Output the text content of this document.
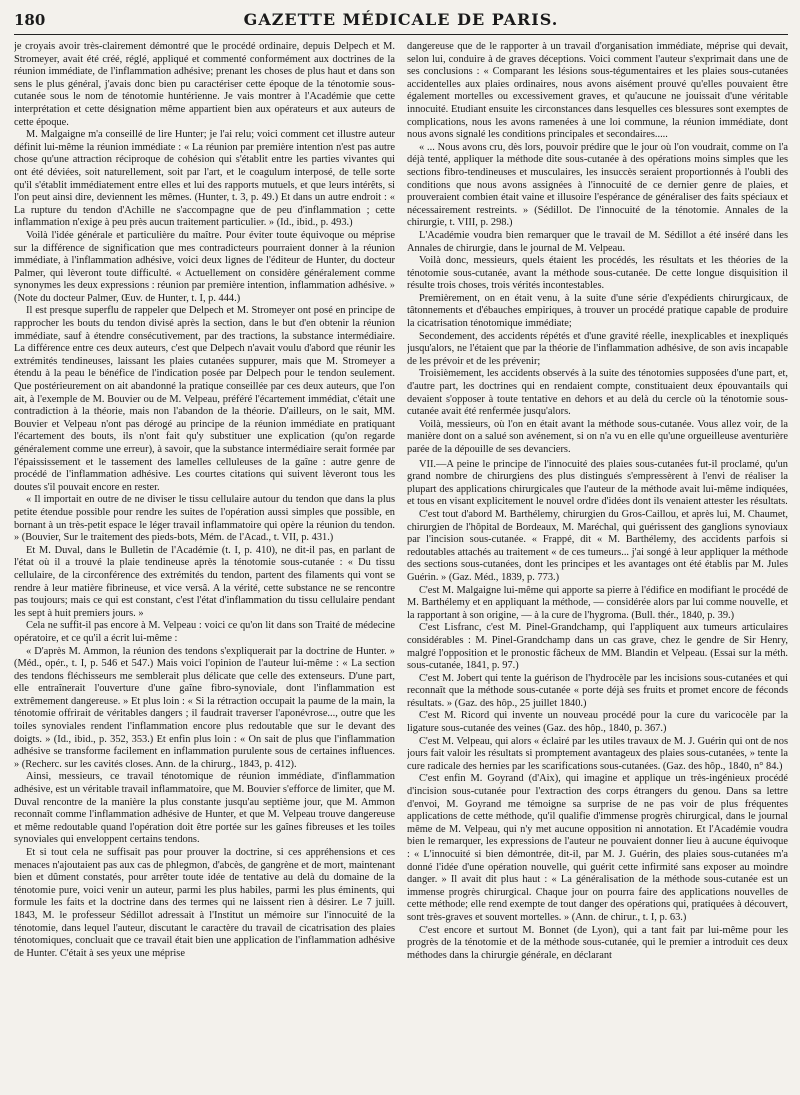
180	GAZETTE MÉDICALE DE PARIS.

je croyais avoir très-clairement démontré que le procédé ordinaire, depuis Delpech et M. Stromeyer, avait été créé, réglé, appliqué et commenté conformément aux doctrines de la réunion immédiate, de l'inflammation adhésive; prenant les choses de plus haut et dans son sens le plus général, j'avais donc bien pu caractériser cette époque de la ténotomie sous-cutanée sous le nom de ténotomie huntérienne. Je vais montrer à l'Académie que cette interprétation et cette désignation même appartient bien aux opérateurs et aux auteurs de cette époque.

M. Malgaigne m'a conseillé de lire Hunter; je l'ai relu; voici comment cet illustre auteur définit lui-même la réunion immédiate : « La réunion par première intention n'est pas autre chose qu'une attraction réciproque de cohésion qui s'établit entre les parties vivantes qui ont été déviées, soit naturellement, soit par l'art, et le coagulum interposé, de telle sorte qu'il s'établit immédiatement entre elles et lui des rapports mutuels, et que leurs intérêts, si l'on peut ainsi dire, deviennent les mêmes. (Hunter, t. 3, p. 49.) Et dans un autre endroit : « La rupture du tendon d'Achille ne s'accompagne que de peu d'inflammation ; cette inflammation n'exige à peu près aucun traitement particulier. » (Id., ibid., p. 493.)

Voilà l'idée générale et particulière du maître. Pour éviter toute équivoque ou méprise sur la différence de signification que mes contradicteurs pourraient donner à la réunion immédiate, à l'inflammation adhésive, voici deux lignes de l'éditeur de Hunter, du docteur Palmer, qui lèveront toute difficulté. « Actuellement on considère généralement comme synonymes les deux expressions : réunion par première intention, inflammation adhésive. » (Note du docteur Palmer, Œuv. de Hunter, t. I, p. 444.)

Il est presque superflu de rappeler que Delpech et M. Stromeyer ont posé en principe de rapprocher les bouts du tendon divisé après la section, dans le but d'en obtenir la réunion immédiate, sauf à étendre consécutivement, par des tractions, la substance intermédiaire. La différence entre ces deux auteurs, c'est que Delpech n'avait voulu d'abord que réunir les extrémités tendineuses, laissant les plaies cutanées suppurer, mais que M. Stromeyer a étendu à la peau le bénéfice de l'indication posée par Delpech pour le tendon seulement. Que postérieurement on ait abandonné la pratique conseillée par ces deux auteurs, que l'on ait, à l'exemple de M. Bouvier ou de M. Velpeau, préféré l'écartement immédiat, c'était une contradiction à la théorie, mais non l'abandon de la théorie. D'ailleurs, on le sait, MM. Bouvier et Velpeau n'ont pas dérogé au principe de la réunion immédiate en pratiquant l'écartement des bouts, ils n'ont fait qu'y substituer une explication (qu'on regarde généralement comme une erreur), à savoir, que la substance intermédiaire serait formée par l'épaississement et le tassement des lamelles celluleuses de la gaîne : autre genre de procédé de l'inflammation adhésive. Les courtes citations qui suivent lèveront tous les doutes s'il pouvait encore en rester.

« Il importait en outre de ne diviser le tissu cellulaire autour du tendon que dans la plus petite étendue possible pour rendre les suites de l'opération aussi simples que possible, en bornant à un très-petit espace le léger travail inflammatoire qui opère la réunion du tendon. » (Bouvier, Sur le traitement des pieds-bots, Mém. de l'Acad., t. VII, p. 431.)

Et M. Duval, dans le Bulletin de l'Académie (t. I, p. 410), ne dit-il pas, en parlant de l'état où il a trouvé la plaie tendineuse après la ténotomie sous-cutanée : « Du tissu cellulaire, de la circonférence des extrémités du tendon, partent des filaments qui vont se rendre à leur matière fibrineuse, et vice versâ. A la vérité, cette substance ne se rencontre pas toujours; mais ce qui est constant, c'est l'état d'inflammation du tissu cellulaire pendant les sept à huit premiers jours. »

Cela ne suffit-il pas encore à M. Velpeau : voici ce qu'on lit dans son Traité de médecine opératoire, et ce qu'il a écrit lui-même :

« D'après M. Ammon, la réunion des tendons s'expliquerait par la doctrine de Hunter. » (Méd., opér., t. I, p. 546 et 547.) Mais voici l'opinion de l'auteur lui-même : « La section des tendons fléchisseurs me semblerait plus délicate que celle des extenseurs. D'une part, elle entraînerait l'ouverture d'une gaîne fibro-synoviale, dont l'inflammation est extrêmement dangereuse. » Et plus loin : « Si la rétraction occupait la paume de la main, la ténotomie offrirait de véritables dangers ; il faudrait traverser l'aponévrose..., outre que les toiles synoviales rendent l'inflammation encore plus redoutable que sur le devant des doigts. » (Id., ibid., p. 352, 353.) Et enfin plus loin : « On sait de plus que l'inflammation adhésive se transforme facilement en inflammation purulente sous de certaines influences. » (Recherc. sur les cavités closes. Ann. de la chirurg., 1843, p. 412).

Ainsi, messieurs, ce travail ténotomique de réunion immédiate, d'inflammation adhésive, est un véritable travail inflammatoire, que M. Bouvier s'efforce de limiter, que M. Duval rencontre de la manière la plus constante jusqu'au septième jour, que M. Ammon reconnaît comme l'inflammation adhésive de Hunter, et que M. Velpeau trouve dangereuse et même redoutable quand l'opération doit être portée sur les gaînes fibreuses et les toiles synoviales qui enveloppent certains tendons.

Et si tout cela ne suffisait pas pour prouver la doctrine, si ces appréhensions et ces menaces n'ajoutaient pas aux cas de phlegmon, d'abcès, de gangrène et de mort, maintenant bien et dûment constatés, pour arrêter toute idée de tentative au delà du domaine de la ténotomie pure, voici venir un auteur, parmi les plus habiles, parmi les plus éminents, qui formule les faits et la doctrine dans des termes qui ne laissent rien à désirer. Le 7 juill. 1843, M. le professeur Sédillot adressait à l'Institut un mémoire sur l'innocuité de la ténotomie, dans lequel l'auteur, discutant le caractère du travail de cicatrisation des plaies ténotomiques, concluait que ce travail était bien une application de l'inflammation adhésive de Hunter. C'était à ses yeux une méprise

dangereuse que de le rapporter à un travail d'organisation immédiate, méprise qui devait, selon lui, conduire à de graves déceptions. Voici comment l'auteur s'exprimait dans une de ses conclusions : « Comparant les lésions sous-tégumentaires et les plaies sous-cutanées accidentelles aux plaies ordinaires, nous avons aisément prouvé qu'elles pouvaient être également mortelles ou excessivement graves, et qu'aucune ne jouissait d'une véritable innocuité. Etudiant ensuite les circonstances dans lesquelles ces blessures sont exemptes de complications, nous les avons ramenées à une loi commune, la réunion immédiate, dont nous avons signalé les conditions principales et secondaires.....

« ... Nous avons cru, dès lors, pouvoir prédire que le jour où l'on voudrait, comme on l'a déjà tenté, appliquer la méthode dite sous-cutanée à des opérations moins simples que les sections fibro-tendineuses et musculaires, les insuccès seraient proportionnés à l'oubli des conditions que nous avons assignées à l'innocuité de ce dernier genre de plaies, et prouveraient combien était vaine et illusoire l'espérance de généraliser des faits spéciaux et nécessairement restreints. » (Sédillot. De l'innocuité de la ténotomie. Annales de la chirurgie, t. VIII, p. 298.)

L'Académie voudra bien remarquer que le travail de M. Sédillot a été inséré dans les Annales de chirurgie, dans le journal de M. Velpeau.

Voilà donc, messieurs, quels étaient les procédés, les résultats et les théories de la ténotomie sous-cutanée, avant la méthode sous-cutanée. De cette longue disquisition il résulte trois choses, trois vérités incontestables.

Premièrement, on en était venu, à la suite d'une série d'expédients chirurgicaux, de tâtonnements et d'ébauches empiriques, à trouver un procédé pratique capable de produire la cicatrisation ténotomique immédiate;

Secondement, des accidents répétés et d'une gravité réelle, inexplicables et inexpliqués jusqu'alors, ne l'étaient que par la théorie de l'inflammation adhésive, de son avis incapable de les prévoir et de les prévenir;

Troisièmement, les accidents observés à la suite des ténotomies supposées d'une part, et, d'autre part, les doctrines qui en rendaient compte, constituaient deux épouvantails qui devaient s'opposer à toute tentative en dehors et au delà du cercle où la ténotomie sous-cutanée avait été renfermée jusqu'alors.

Voilà, messieurs, où l'on en était avant la méthode sous-cutanée. Vous allez voir, de la manière dont on a salué son avénement, si on n'a vu en elle qu'une orgueilleuse aventurière parée de la dépouille de ses devanciers.

VII.—A peine le principe de l'innocuité des plaies sous-cutanées fut-il proclamé, qu'un grand nombre de chirurgiens des plus distingués s'empressèrent à l'envi de réaliser la plupart des applications chirurgicales que l'auteur de la méthode avait lui-même indiquées, et tous en visant explicitement le nouvel ordre d'idées dont ils venaient attester les résultats.

C'est tout d'abord M. Barthélemy, chirurgien du Gros-Caillou, et après lui, M. Chaumet, chirurgien de l'hôpital de Bordeaux, M. Maréchal, qui guérissent des ganglions synoviaux par l'incision sous-cutanée. « Frappé, dit « M. Barthélemy, des accidents parfois si redoutables attachés au traitement « de ces tumeurs... j'ai songé à leur appliquer la méthode des sections sous-cutanées, dont les principes et les avantages ont été établis par M. Jules Guérin. » (Gaz. Méd., 1839, p. 773.)

C'est M. Malgaigne lui-même qui apporte sa pierre à l'édifice en modifiant le procédé de M. Barthélemy et en appliquant la méthode, — considérée alors par lui comme nouvelle, et la rapportant à son origine, — à la cure de l'hygroma. (Bull. thér., 1840, p. 39.)

C'est Lisfranc, c'est M. Pinel-Grandchamp, qui l'appliquent aux tumeurs articulaires considérables : M. Pinel-Grandchamp dans un cas grave, chez le gendre de Sir Henry, malgré l'opposition et le pronostic fâcheux de MM. Blandin et Velpeau. (Essai sur la méth. sous-cutanée, 1841, p. 97.)

C'est M. Jobert qui tente la guérison de l'hydrocèle par les incisions sous-cutanées et qui reconnaît que la méthode sous-cutanée « porte déjà ses fruits et promet encore de féconds résultats. » (Gaz. des hôp., 25 juillet 1840.)

C'est M. Ricord qui invente un nouveau procédé pour la cure du varicocèle par la ligature sous-cutanée des veines (Gaz. des hôp., 1840, p. 367.)

C'est M. Velpeau, qui alors « éclairé par les utiles travaux de M. J. Guérin qui ont de nos jours fait valoir les résultats si promptement avantageux des plaies sous-cutanées, » tente la cure radicale des hernies par les scarifications sous-cutanées. (Gaz. des hôp., 1840, n° 84.)

C'est enfin M. Goyrand (d'Aix), qui imagine et applique un très-ingénieux procédé d'incision sous-cutanée pour l'extraction des corps étrangers du genou. Dans sa lettre d'envoi, M. Goyrand me témoigne sa surprise de ne pas voir de plus fréquentes applications de cette méthode, qu'il qualifie d'immense progrès chirurgical, dans le journal même de M. Velpeau, qui n'y met aucune opposition ni annotation. Et l'Académie voudra bien le remarquer, les expressions de l'auteur ne pouvaient donner lieu à aucune équivoque : « L'innocuité si bien démontrée, dit-il, par M. J. Guérin, des plaies sous-cutanées m'a donné l'idée d'une opération nouvelle, qui guérit cette infirmité sans exposer au moindre danger. » Il avait dit plus haut : « La généralisation de la méthode sous-cutanée est un immense progrès chirurgical. Chaque jour on pourra faire des applications nouvelles de cette méthode; elle rend exempte de tout danger des opérations qui, pratiquées à découvert, sont très-graves et souvent mortelles. » (Ann. de chirur., t. I, p. 63.)

C'est encore et surtout M. Bonnet (de Lyon), qui a tant fait par lui-même pour les progrès de la ténotomie et de la méthode sous-cutanée, qui le premier a introduit ces deux méthodes dans la chirurgie générale, en déclarant
